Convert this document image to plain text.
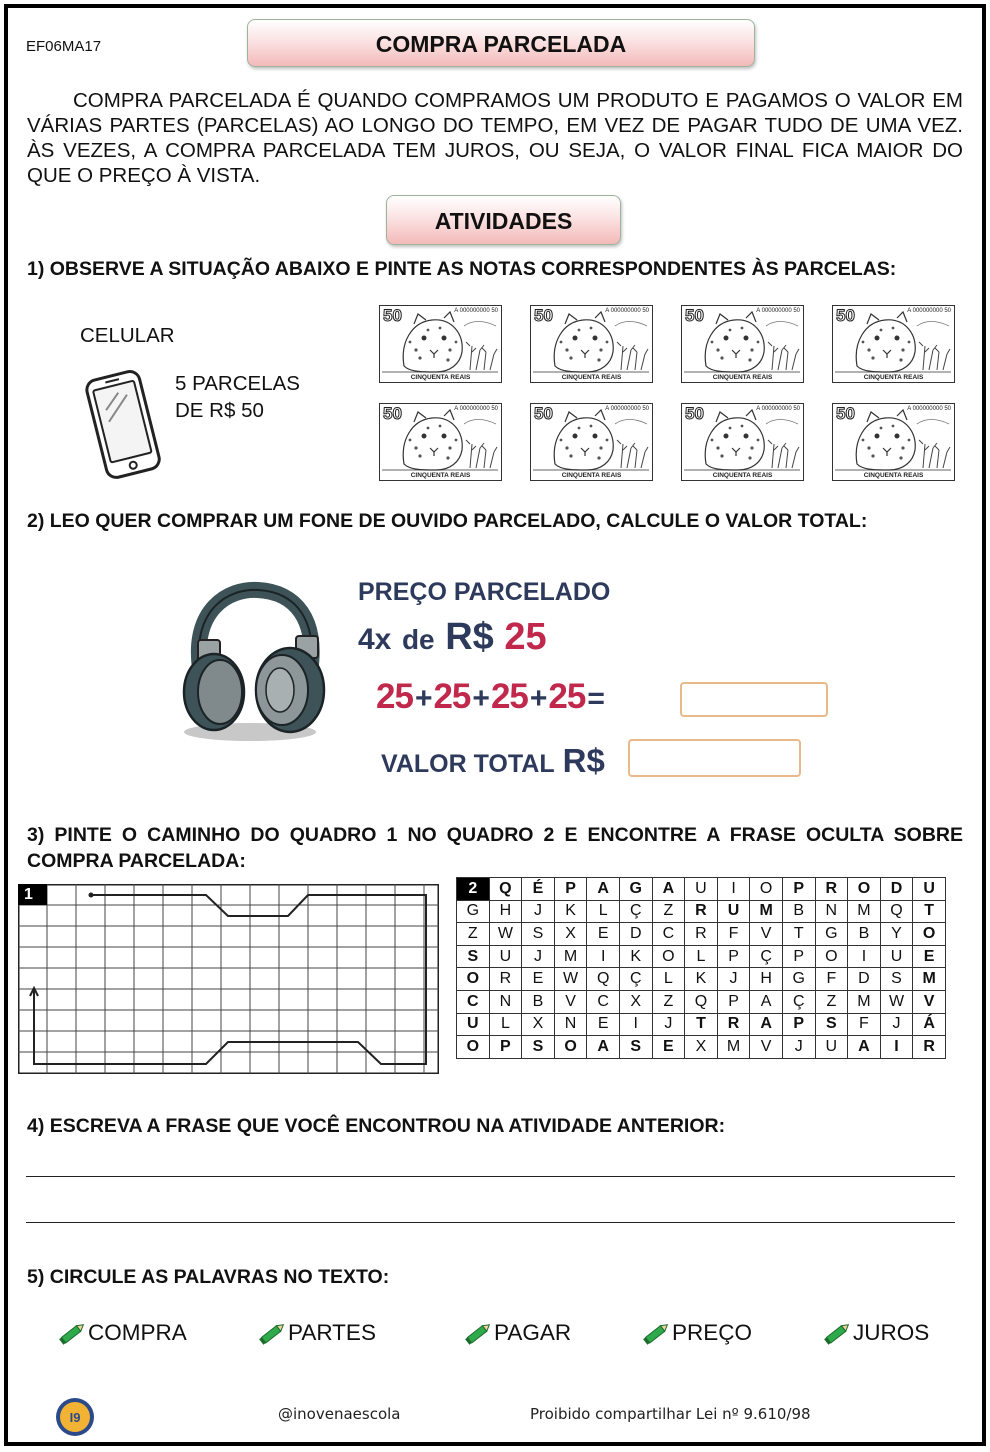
EF06MA17	COMPRA PARCELADA
COMPRA PARCELADA É QUANDO COMPRAMOS UM PRODUTO E PAGAMOS O VALOR EM VÁRIAS PARTES (PARCELAS) AO LONGO DO TEMPO, EM VEZ DE PAGAR TUDO DE UMA VEZ. ÀS VEZES, A COMPRA PARCELADA TEM JUROS, OU SEJA, O VALOR FINAL FICA MAIOR DO QUE O PREÇO À VISTA.
ATIVIDADES
1) OBSERVE A SITUAÇÃO ABAIXO E PINTE AS NOTAS CORRESPONDENTES ÀS PARCELAS:
CELULAR
5 PARCELAS
DE R$ 50
50	A 000000000 50
CINQUENTA REAIS
50	A 000000000 50
CINQUENTA REAIS
50	A 000000000 50
CINQUENTA REAIS
50	A 000000000 50
CINQUENTA REAIS
50	A 000000000 50
CINQUENTA REAIS
50	A 000000000 50
CINQUENTA REAIS
50	A 000000000 50
CINQUENTA REAIS
50	A 000000000 50
CINQUENTA REAIS
2) LEO QUER COMPRAR UM FONE DE OUVIDO PARCELADO, CALCULE O VALOR TOTAL:
PREÇO PARCELADO
4x de R$ 25
25+25+25+25=
VALOR TOTAL R$
3) PINTE O CAMINHO DO QUADRO 1 NO QUADRO 2 E ENCONTRE A FRASE OCULTA SOBRE COMPRA PARCELADA:
1	2	Q	É	P	A	G	A	U	I	O	P	R	O	D	U
G	H	J	K	L	Ç	Z	R	U	M	B	N	M	Q	T
Z	W	S	X	E	D	C	R	F	V	T	G	B	Y	O
S	U	J	M	I	K	O	L	P	Ç	P	O	I	U	E
O	R	E	W	Q	Ç	L	K	J	H	G	F	D	S	M
C	N	B	V	C	X	Z	Q	P	A	Ç	Z	M	W	V
U	L	X	N	E	I	J	T	R	A	P	S	F	J	Á
O	P	S	O	A	S	E	X	M	V	J	U	A	I	R
4) ESCREVA A FRASE QUE VOCÊ ENCONTROU NA ATIVIDADE ANTERIOR:
5) CIRCULE AS PALAVRAS NO TEXTO:
COMPRA	PARTES	PAGAR	PREÇO	JUROS
I9	@inovenaescola	Proibido compartilhar Lei nº 9.610/98
